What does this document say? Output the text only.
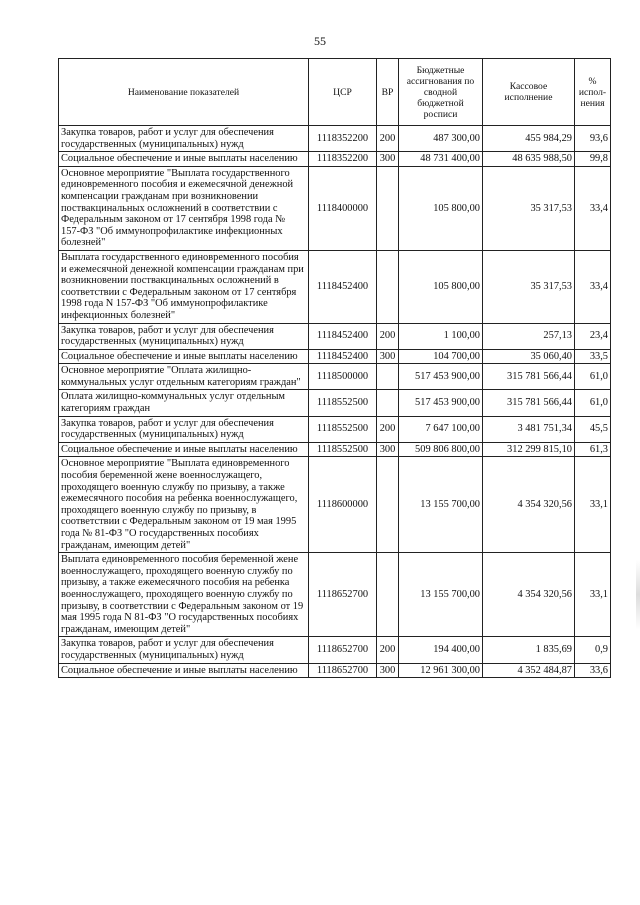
55
Наименование показателей	ЦСР	ВР	Бюджетные ассигнования по сводной бюджетной росписи	Кассовое исполнение	% испол-нения
Закупка товаров, работ и услуг для обеспечения государственных (муниципальных) нужд	1118352200	200	487 300,00	455 984,29	93,6
Социальное обеспечение и иные выплаты населению	1118352200	300	48 731 400,00	48 635 988,50	99,8
Основное мероприятие "Выплата государственного единовременного пособия и ежемесячной денежной компенсации гражданам при возникновении поствакцинальных осложнений в соответствии с Федеральным законом от 17 сентября 1998 года № 157-ФЗ "Об иммунопрофилактике инфекционных болезней"	1118400000		105 800,00	35 317,53	33,4
Выплата государственного единовременного пособия и ежемесячной денежной компенсации гражданам при возникновении поствакцинальных осложнений в соответствии с Федеральным законом от 17 сентября 1998 года N 157-ФЗ "Об иммунопрофилактике инфекционных болезней"	1118452400		105 800,00	35 317,53	33,4
Закупка товаров, работ и услуг для обеспечения государственных (муниципальных) нужд	1118452400	200	1 100,00	257,13	23,4
Социальное обеспечение и иные выплаты населению	1118452400	300	104 700,00	35 060,40	33,5
Основное мероприятие "Оплата жилищно-коммунальных услуг отдельным категориям граждан"	1118500000		517 453 900,00	315 781 566,44	61,0
Оплата жилищно-коммунальных услуг отдельным категориям граждан	1118552500		517 453 900,00	315 781 566,44	61,0
Закупка товаров, работ и услуг для обеспечения государственных (муниципальных) нужд	1118552500	200	7 647 100,00	3 481 751,34	45,5
Социальное обеспечение и иные выплаты населению	1118552500	300	509 806 800,00	312 299 815,10	61,3
Основное мероприятие "Выплата единовременного пособия беременной жене военнослужащего, проходящего военную службу по призыву, а также ежемесячного пособия на ребенка военнослужащего, проходящего военную службу по призыву, в соответствии с Федеральным законом от 19 мая 1995 года № 81-ФЗ "О государственных пособиях гражданам, имеющим детей"	1118600000		13 155 700,00	4 354 320,56	33,1
Выплата единовременного пособия беременной жене военнослужащего, проходящего военную службу по призыву, а также ежемесячного пособия на ребенка военнослужащего, проходящего военную службу по призыву, в соответствии с Федеральным законом от 19 мая 1995 года N 81-ФЗ "О государственных пособиях гражданам, имеющим детей"	1118652700		13 155 700,00	4 354 320,56	33,1
Закупка товаров, работ и услуг для обеспечения государственных (муниципальных) нужд	1118652700	200	194 400,00	1 835,69	0,9
Социальное обеспечение и иные выплаты населению	1118652700	300	12 961 300,00	4 352 484,87	33,6
